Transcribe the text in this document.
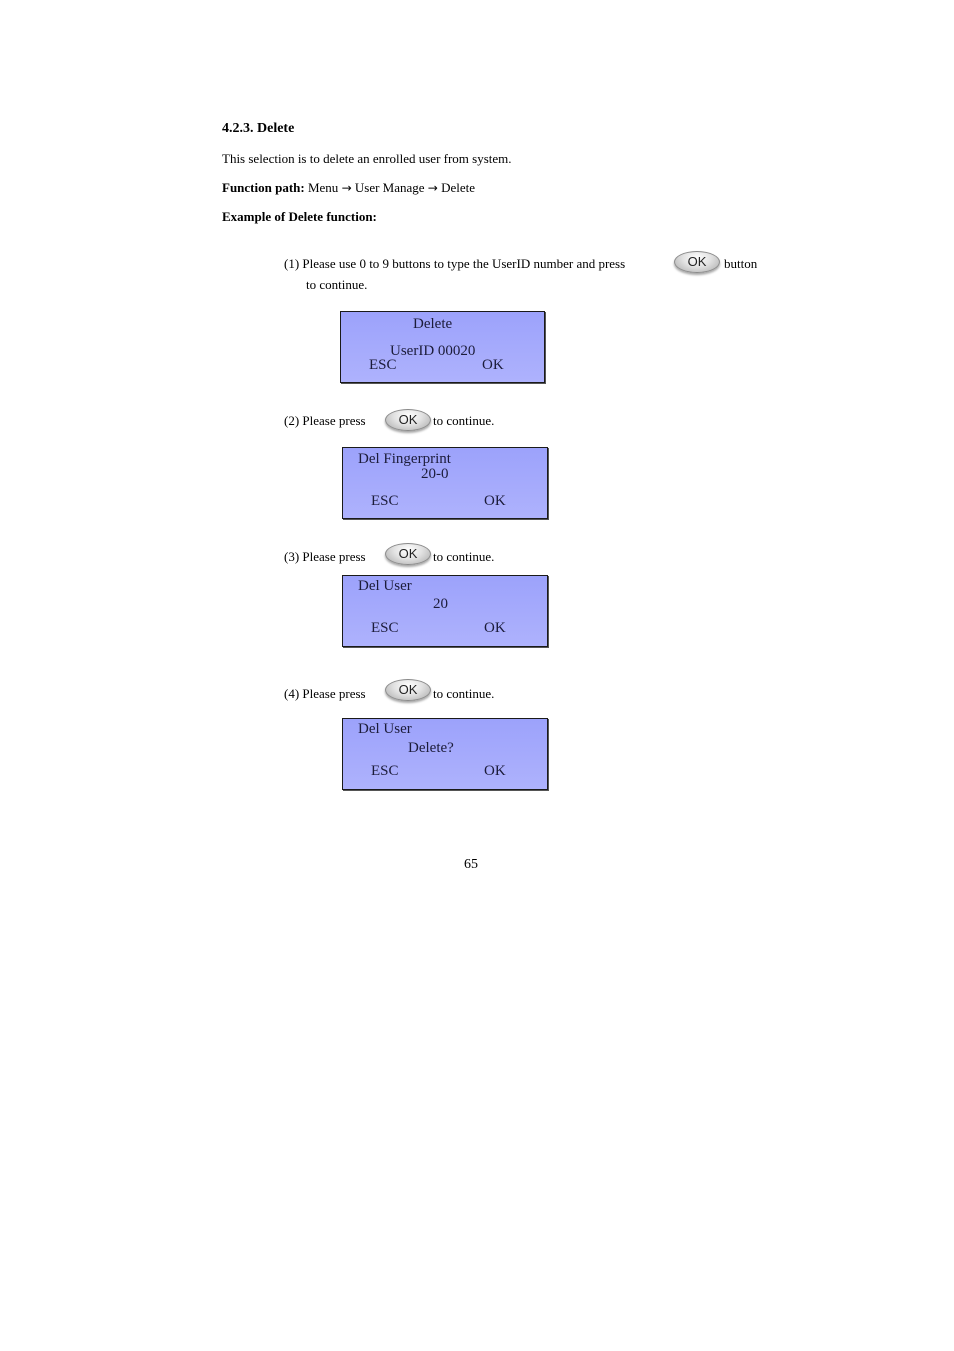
4.2.3. Delete
This selection is to delete an enrolled user from system.
Function path: Menu → User Manage → Delete
Example of Delete function:
(1) Please use 0 to 9 buttons to type the UserID number and press	OK	button
to continue.
Delete
UserID 00020
ESC	OK
(2) Please press	OK	to continue.
Del Fingerprint
20-0
ESC	OK
(3) Please press	OK	to continue.
Del User
20
ESC	OK
(4) Please press	OK	to continue.
Del User
Delete?
ESC	OK
65
